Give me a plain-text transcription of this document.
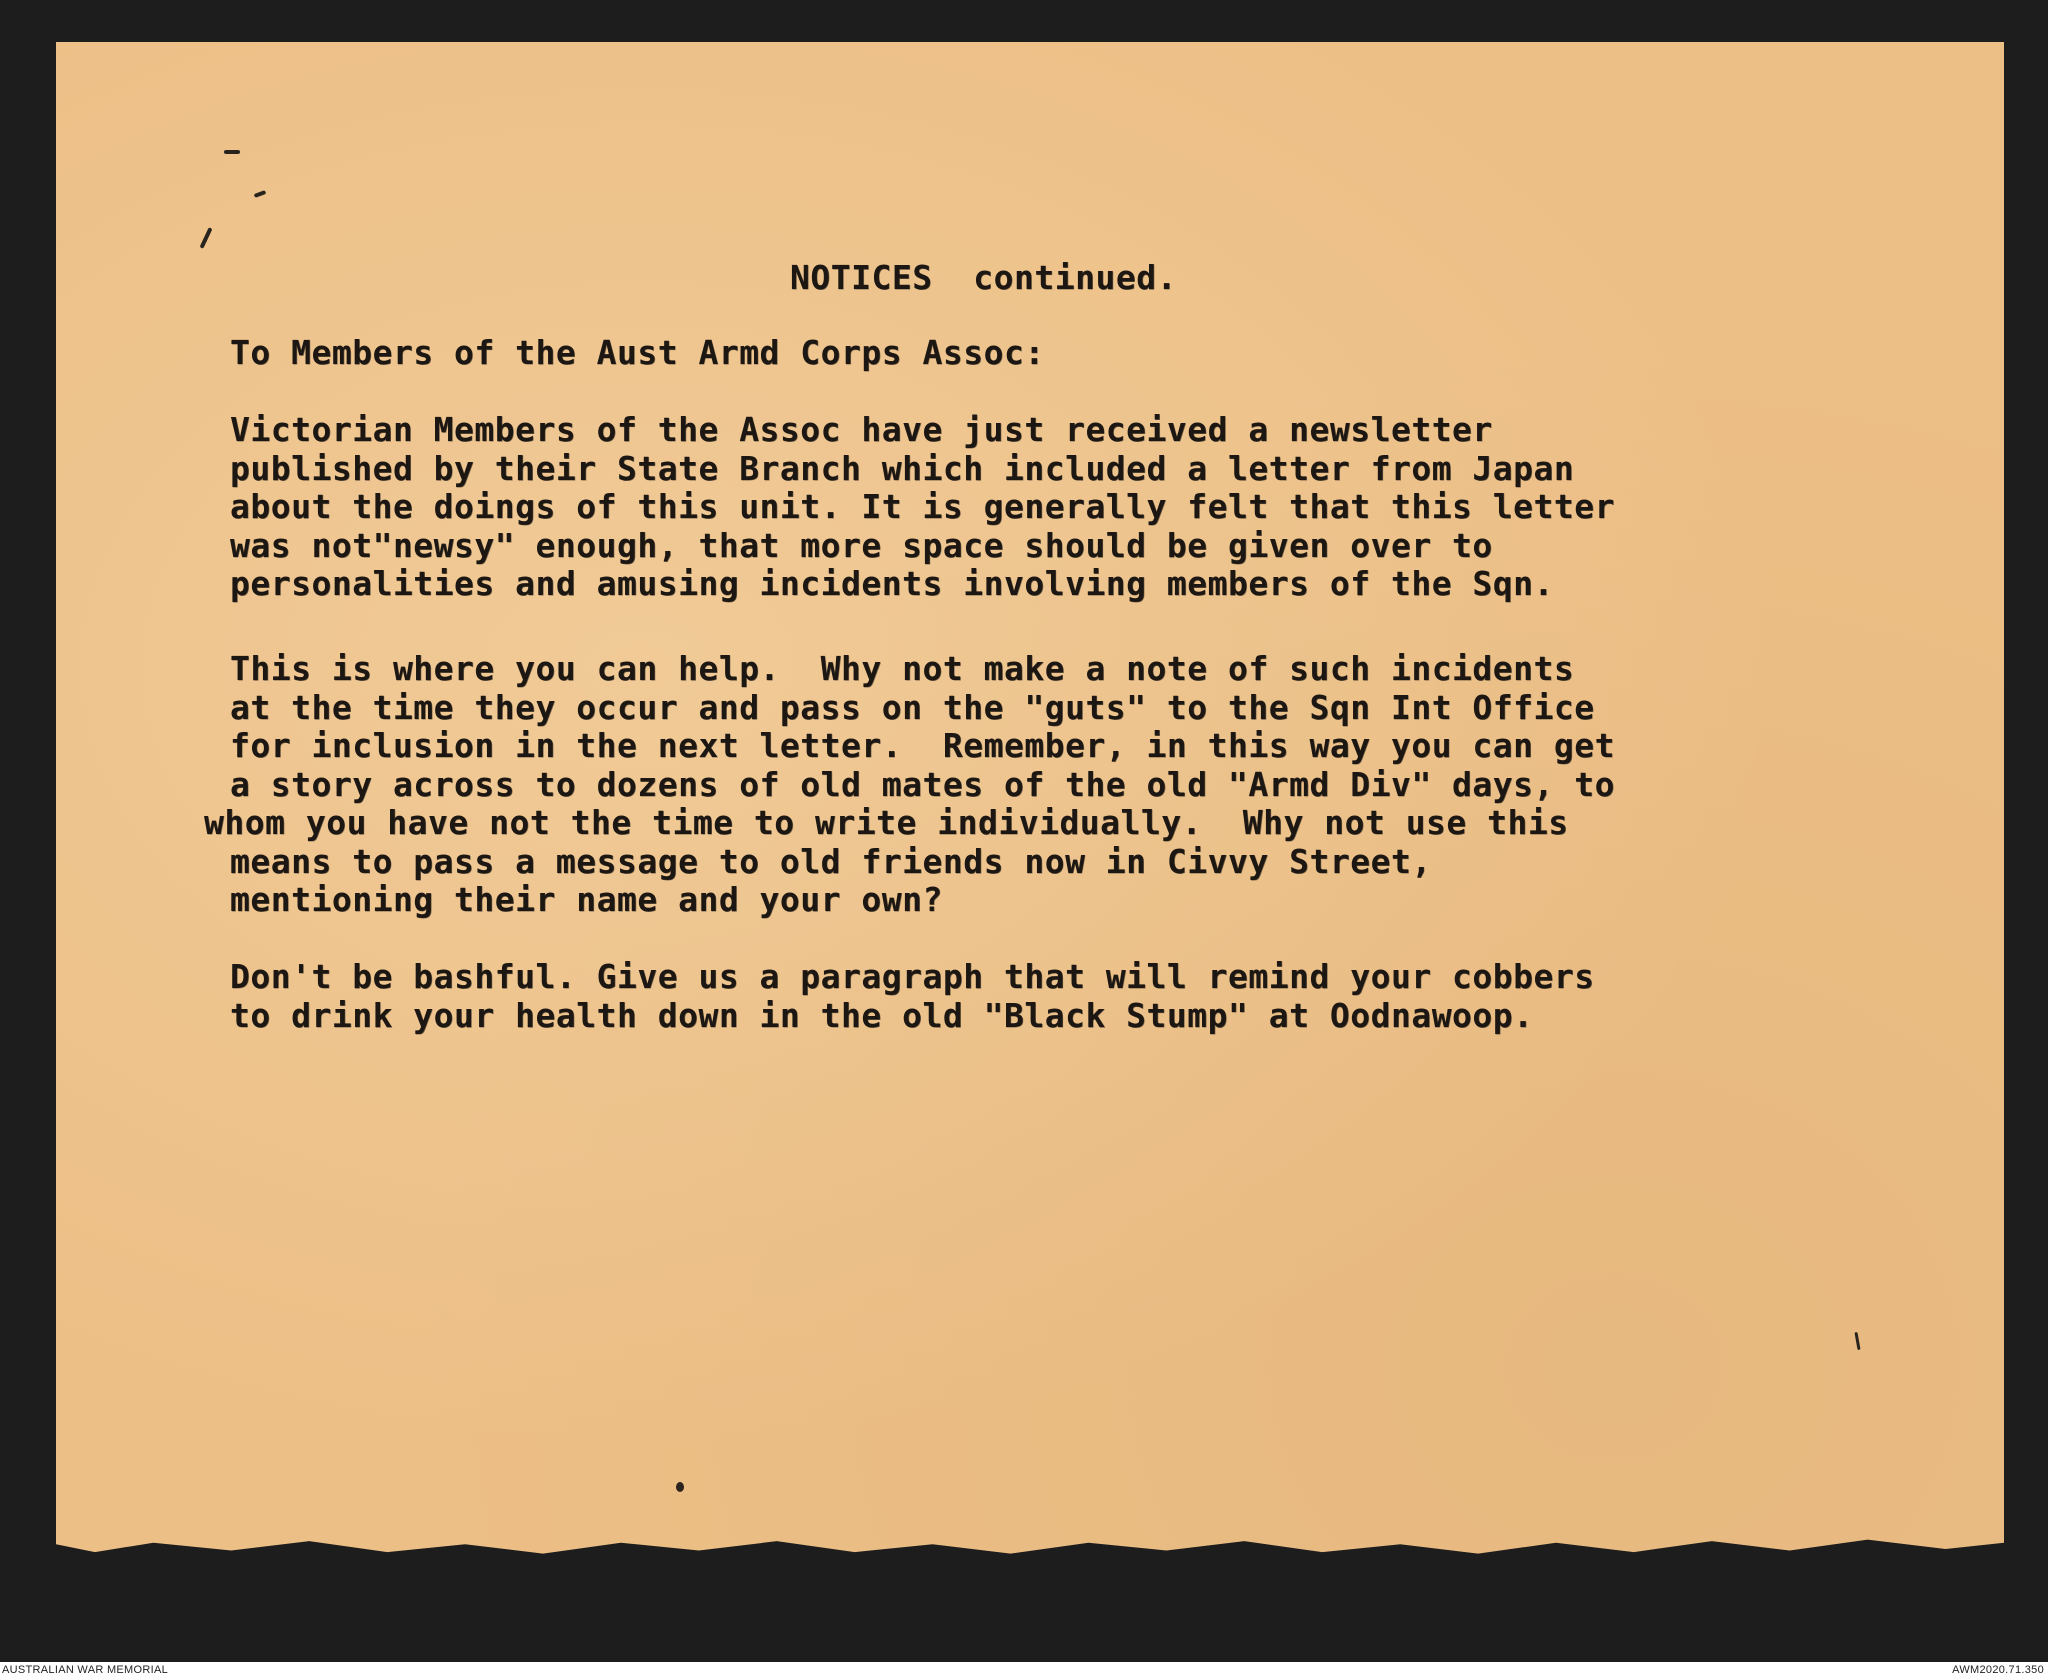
NOTICES  continued.
To Members of the Aust Armd Corps Assoc:
Victorian Members of the Assoc have just received a newsletter
published by their State Branch which included a letter from Japan
about the doings of this unit. It is generally felt that this letter
was not"newsy" enough, that more space should be given over to
personalities and amusing incidents involving members of the Sqn.
This is where you can help.  Why not make a note of such incidents
at the time they occur and pass on the "guts" to the Sqn Int Office
for inclusion in the next letter.  Remember, in this way you can get
a story across to dozens of old mates of the old "Armd Div" days, to
whom you have not the time to write individually.  Why not use this
means to pass a message to old friends now in Civvy Street,
mentioning their name and your own?
Don't be bashful. Give us a paragraph that will remind your cobbers
to drink your health down in the old "Black Stump" at Oodnawoop.
AUSTRALIAN WAR MEMORIAL	AWM2020.71.350
